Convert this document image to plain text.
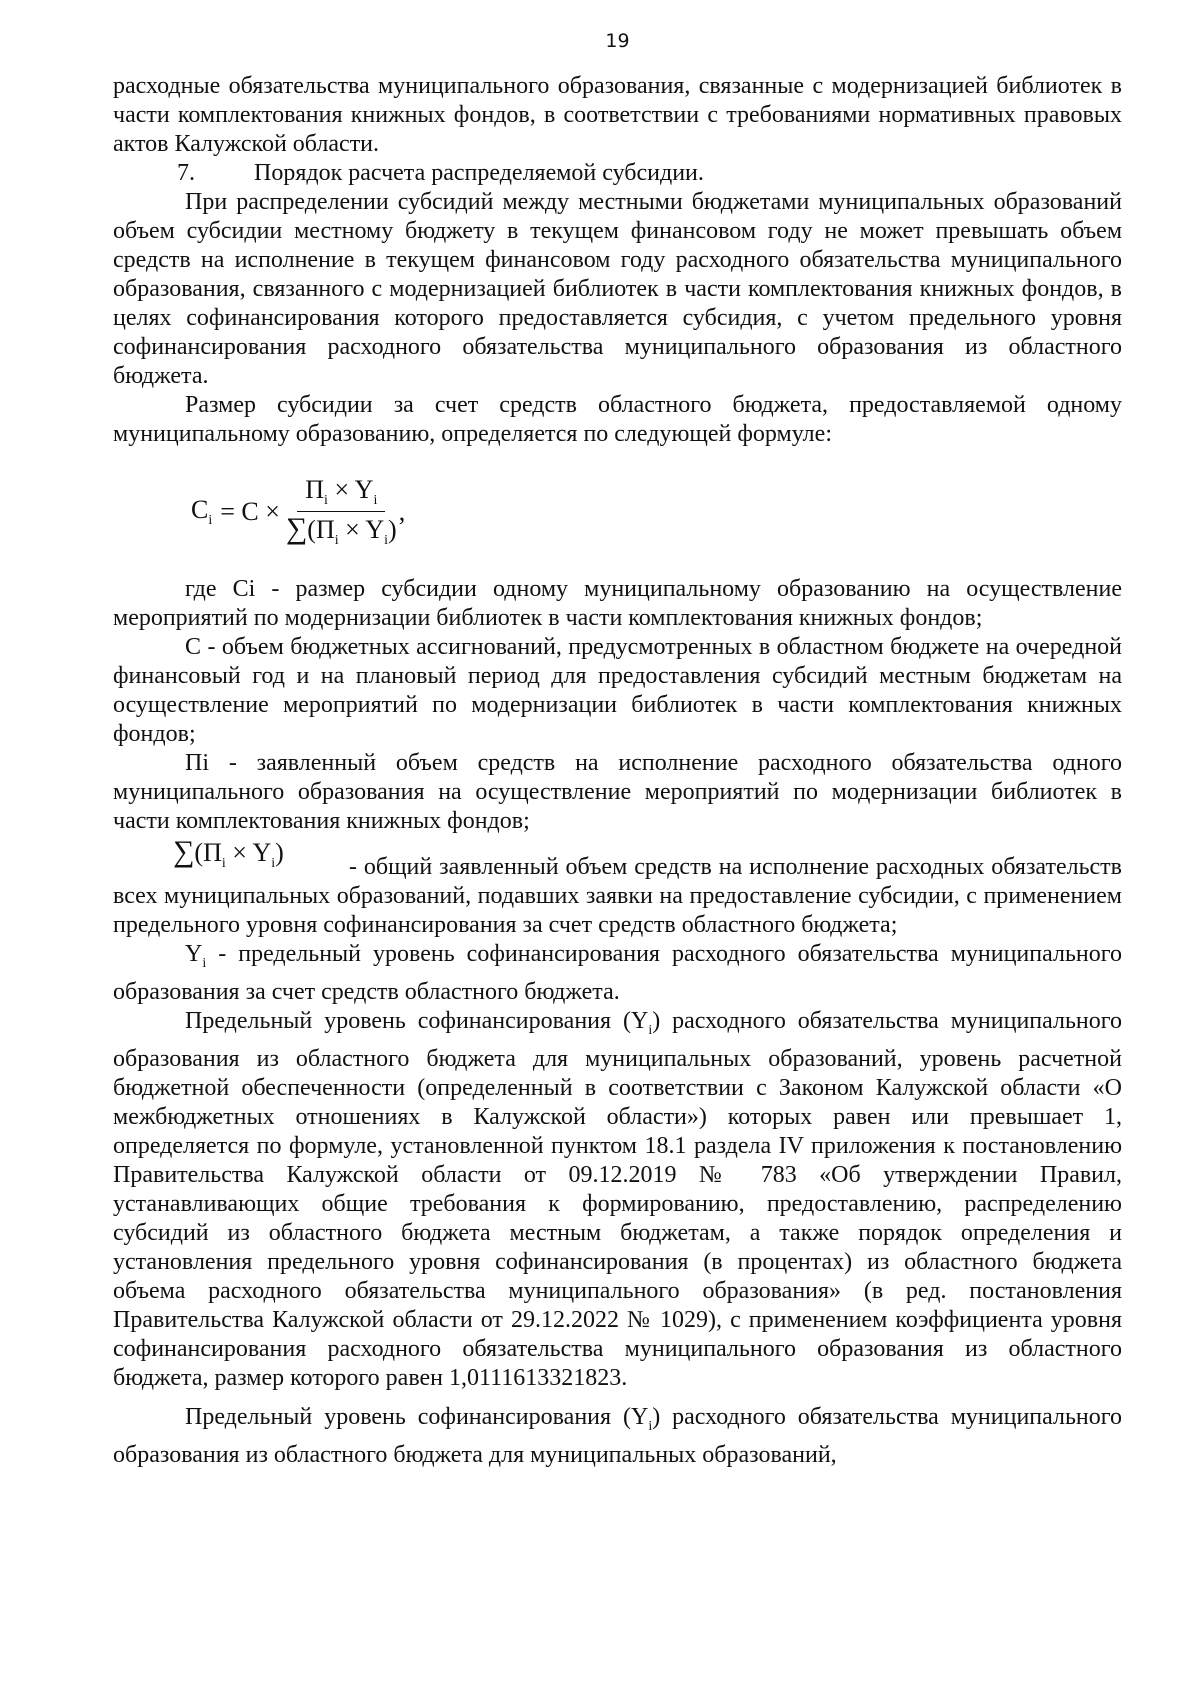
19

расходные обязательства муниципального образования, связанные с модернизацией библиотек в части комплектования книжных фондов, в соответствии с требованиями нормативных правовых актов Калужской области.

7.	Порядок расчета распределяемой субсидии.

При распределении субсидий между местными бюджетами муниципальных образований объем субсидии местному бюджету в текущем финансовом году не может превышать объем средств на исполнение в текущем финансовом году расходного обязательства муниципального образования, связанного с модернизацией библиотек в части комплектования книжных фондов, в целях софинансирования которого предоставляется субсидия, с учетом предельного уровня софинансирования расходного обязательства муниципального образования из областного бюджета.

Размер субсидии за счет средств областного бюджета, предоставляемой одному муниципальному образованию, определяется по следующей формуле:

$C_i = C \times \frac{П_i \times Y_i}{\sum(П_i \times Y_i)}$ ,

где Ci - размер субсидии одному муниципальному образованию на осуществление мероприятий по модернизации библиотек в части комплектования книжных фондов;

С - объем бюджетных ассигнований, предусмотренных в областном бюджете на очередной финансовый год и на плановый период для предоставления субсидий местным бюджетам на осуществление мероприятий по модернизации библиотек в части комплектования книжных фондов;

Пi - заявленный объем средств на исполнение расходного обязательства одного муниципального образования на осуществление мероприятий по модернизации библиотек в части комплектования книжных фондов;

$\sum(П_i \times Y_i)$

- общий заявленный объем средств на исполнение расходных обязательств всех муниципальных образований, подавших заявки на предоставление субсидии, с применением предельного уровня софинансирования за счет средств областного бюджета;

$Y_i$ - предельный уровень софинансирования расходного обязательства муниципального образования за счет средств областного бюджета.

Предельный уровень софинансирования $(Y_i)$ расходного обязательства муниципального образования из областного бюджета для муниципальных образований, уровень расчетной бюджетной обеспеченности (определенный в соответствии с Законом Калужской области «О межбюджетных отношениях в Калужской области») которых равен или превышает 1, определяется по формуле, установленной пунктом 18.1 раздела IV приложения к постановлению Правительства Калужской области от 09.12.2019 № 783 «Об утверждении Правил, устанавливающих общие требования к формированию, предоставлению, распределению субсидий из областного бюджета местным бюджетам, а также порядок определения и установления предельного уровня софинансирования (в процентах) из областного бюджета объема расходного обязательства муниципального образования» (в ред. постановления Правительства Калужской области от 29.12.2022 № 1029), с применением коэффициента уровня софинансирования расходного обязательства муниципального образования из областного бюджета, размер которого равен 1,0111613321823.

Предельный уровень софинансирования $(Y_i)$ расходного обязательства муниципального образования из областного бюджета для муниципальных образований,
